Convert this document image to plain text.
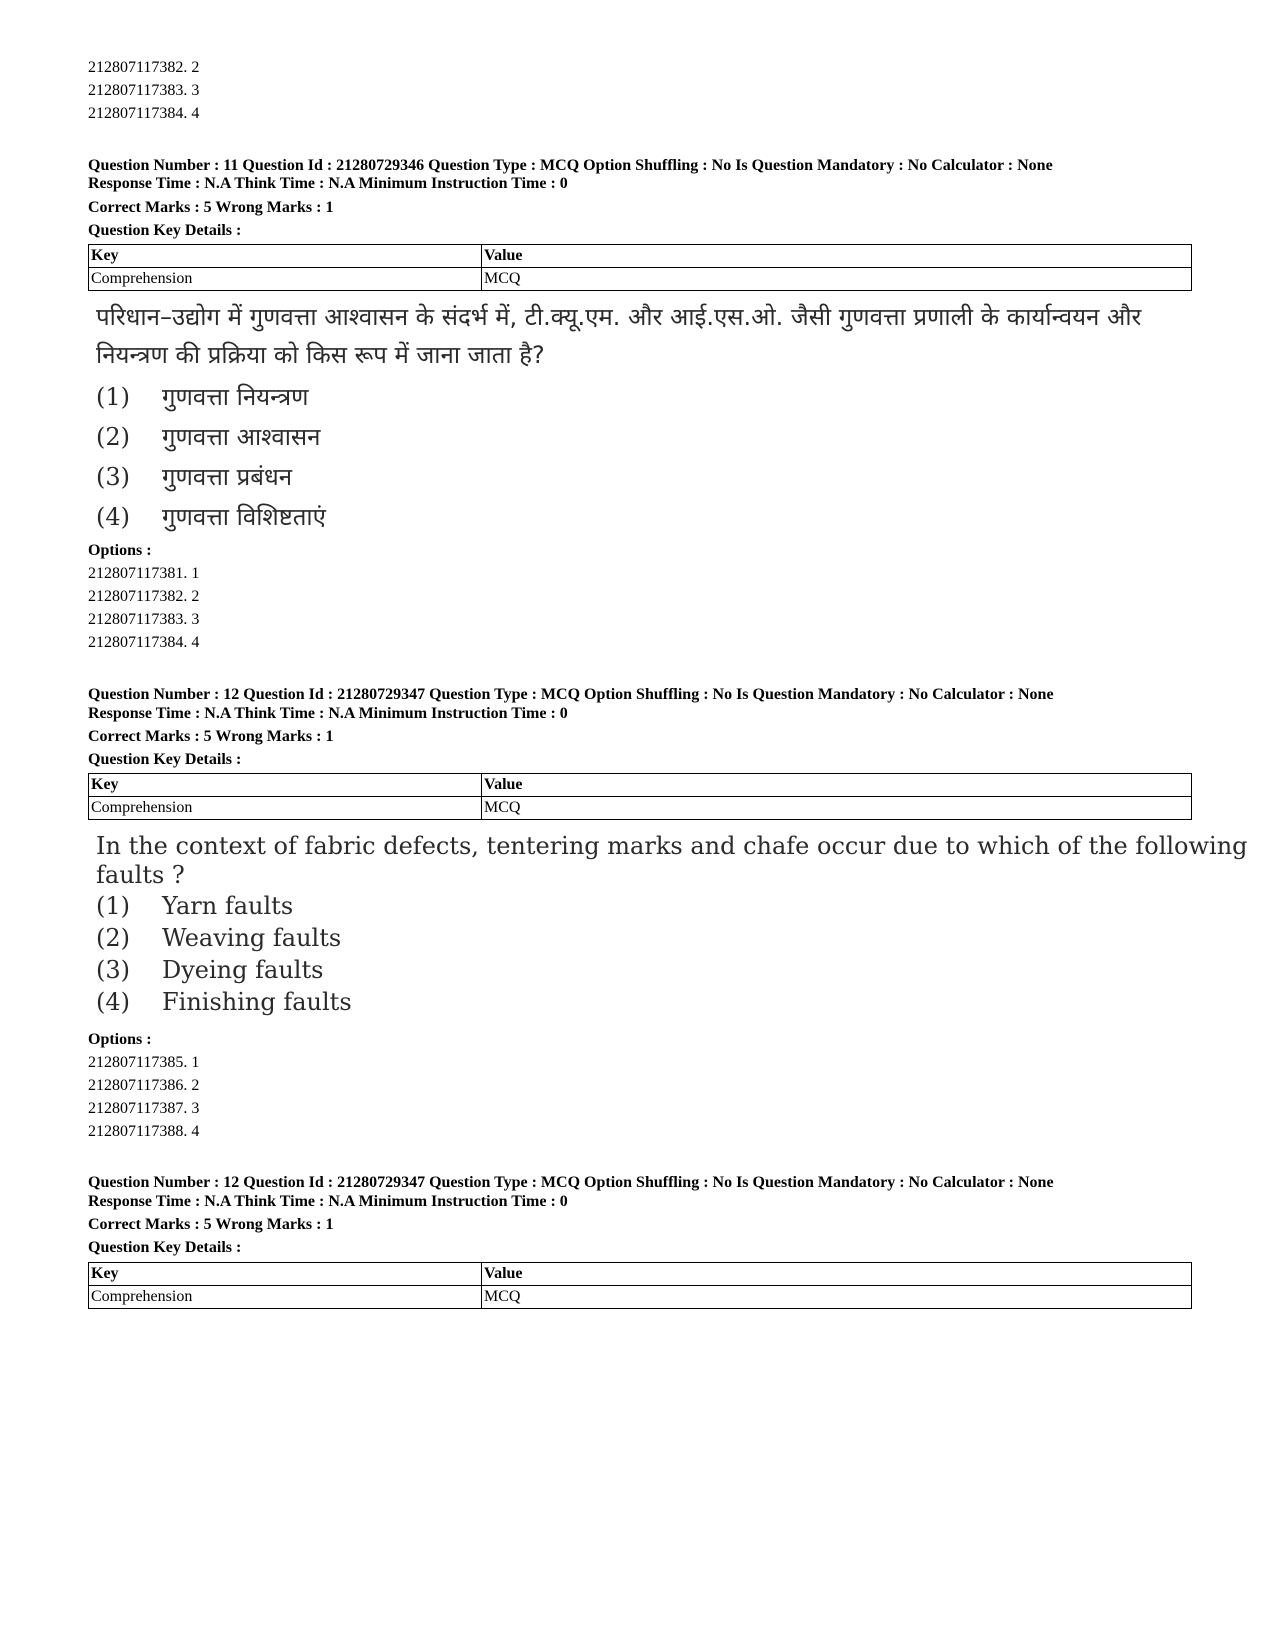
212807117382. 2
212807117383. 3
212807117384. 4
Question Number : 11 Question Id : 21280729346 Question Type : MCQ Option Shuffling : No Is Question Mandatory : No Calculator : None
Response Time : N.A Think Time : N.A Minimum Instruction Time : 0
Correct Marks : 5 Wrong Marks : 1
Question Key Details :
Key	Value
Comprehension	MCQ
परिधान–उद्योग में गुणवत्ता आश्वासन के संदर्भ में, टी.क्यू.एम. और आई.एस.ओ. जैसी गुणवत्ता प्रणाली के कार्यान्वयन और
नियन्त्रण की प्रक्रिया को किस रूप में जाना जाता है?
(1) गुणवत्ता नियन्त्रण
(2) गुणवत्ता आश्वासन
(3) गुणवत्ता प्रबंधन
(4) गुणवत्ता विशिष्टताएं
Options :
212807117381. 1
212807117382. 2
212807117383. 3
212807117384. 4
Question Number : 12 Question Id : 21280729347 Question Type : MCQ Option Shuffling : No Is Question Mandatory : No Calculator : None
Response Time : N.A Think Time : N.A Minimum Instruction Time : 0
Correct Marks : 5 Wrong Marks : 1
Question Key Details :
Key	Value
Comprehension	MCQ
In the context of fabric defects, tentering marks and chafe occur due to which of the following
faults ?
(1) Yarn faults
(2) Weaving faults
(3) Dyeing faults
(4) Finishing faults
Options :
212807117385. 1
212807117386. 2
212807117387. 3
212807117388. 4
Question Number : 12 Question Id : 21280729347 Question Type : MCQ Option Shuffling : No Is Question Mandatory : No Calculator : None
Response Time : N.A Think Time : N.A Minimum Instruction Time : 0
Correct Marks : 5 Wrong Marks : 1
Question Key Details :
Key	Value
Comprehension	MCQ
